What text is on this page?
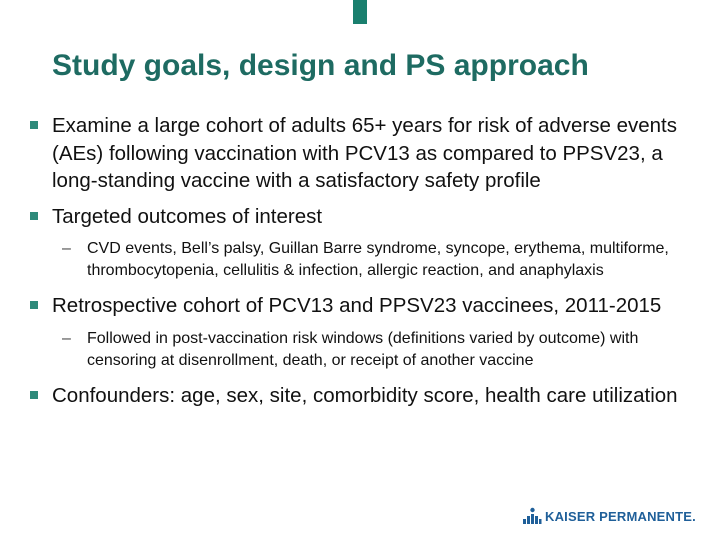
Study goals, design and PS approach
Examine a large cohort of adults 65+ years for risk of adverse events (AEs) following vaccination with PCV13 as compared to PPSV23, a long-standing vaccine with a satisfactory safety profile
Targeted outcomes of interest
– CVD events, Bell’s palsy, Guillan Barre syndrome, syncope, erythema, multiforme, thrombocytopenia, cellulitis & infection, allergic reaction, and anaphylaxis
Retrospective cohort of PCV13 and PPSV23 vaccinees, 2011-2015
– Followed in post-vaccination risk windows (definitions varied by outcome) with censoring at disenrollment, death, or receipt of another vaccine
Confounders: age, sex, site, comorbidity score, health care utilization
KAISER PERMANENTE .
